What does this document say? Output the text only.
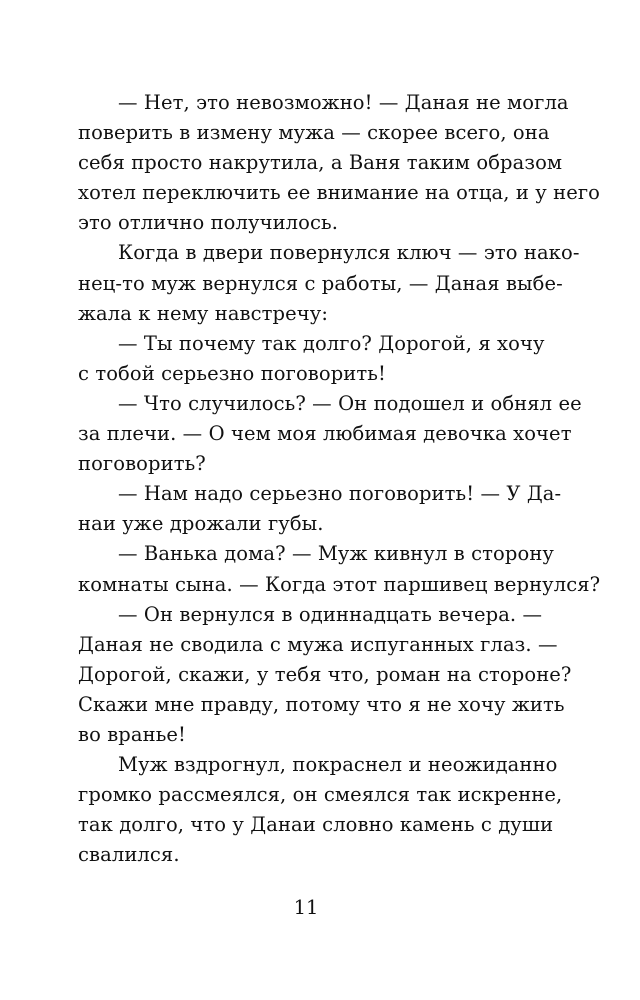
— Нет, это невозможно! — Даная не могла
поверить в измену мужа — скорее всего, она
себя просто накрутила, а Ваня таким образом
хотел переключить ее внимание на отца, и у него
это отлично получилось.
Когда в двери повернулся ключ — это нако-
нец-то муж вернулся с работы, — Даная выбе-
жала к нему навстречу:
— Ты почему так долго? Дорогой, я хочу
с тобой серьезно поговорить!
— Что случилось? — Он подошел и обнял ее
за плечи. — О чем моя любимая девочка хочет
поговорить?
— Нам надо серьезно поговорить! — У Да-
наи уже дрожали губы.
— Ванька дома? — Муж кивнул в сторону
комнаты сына. — Когда этот паршивец вернулся?
— Он вернулся в одиннадцать вечера. —
Даная не сводила с мужа испуганных глаз. —
Дорогой, скажи, у тебя что, роман на стороне?
Скажи мне правду, потому что я не хочу жить
во вранье!
Муж вздрогнул, покраснел и неожиданно
громко рассмеялся, он смеялся так искренне,
так долго, что у Данаи словно камень с души
свалился.
11
